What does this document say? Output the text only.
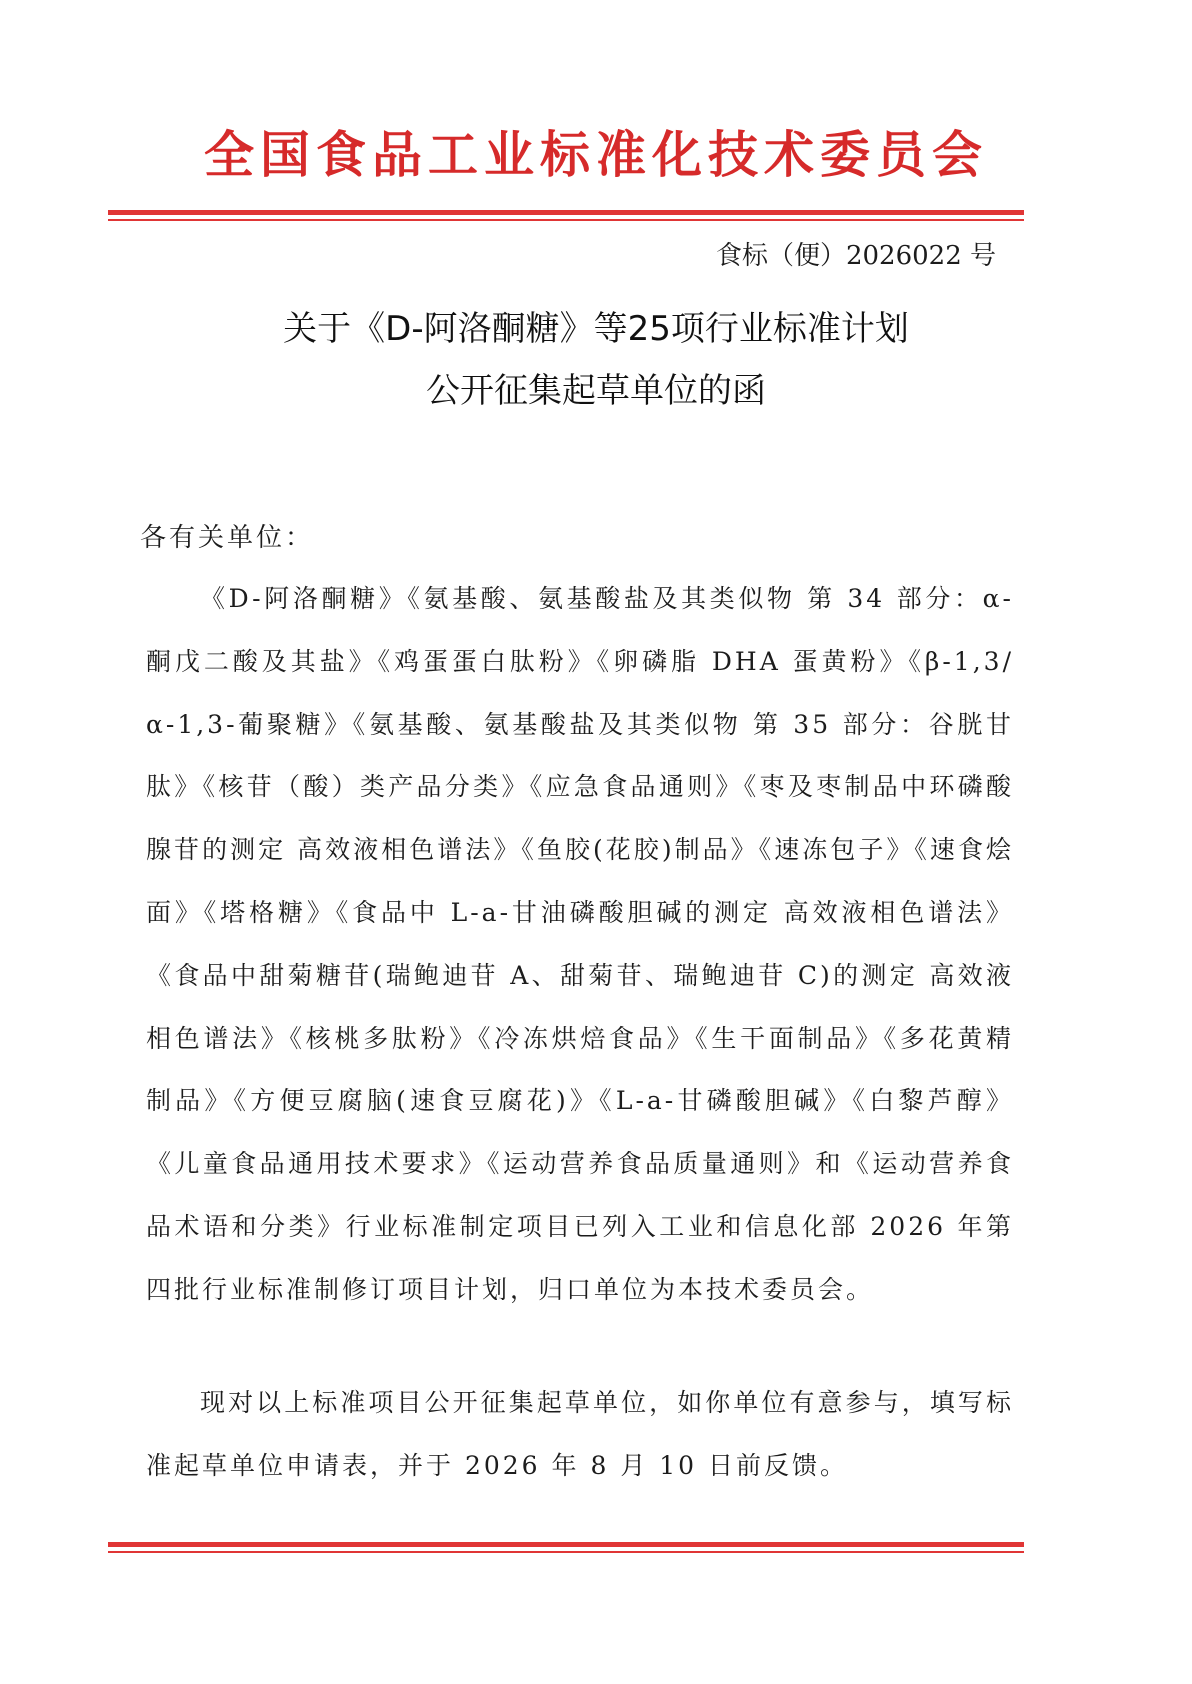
全国食品工业标准化技术委员会
食标（便）2026022 号
关于《D-阿洛酮糖》等25项行业标准计划
公开征集起草单位的函
各有关单位：

《D-阿洛酮糖》《氨基酸、氨基酸盐及其类似物 第 34 部分：α-酮戊二酸及其盐》《鸡蛋蛋白肽粉》《卵磷脂 DHA 蛋黄粉》《β-1,3/α-1,3-葡聚糖》《氨基酸、氨基酸盐及其类似物 第 35 部分：谷胱甘肽》《核苷（酸）类产品分类》《应急食品通则》《枣及枣制品中环磷酸腺苷的测定 高效液相色谱法》《鱼胶(花胶)制品》《速冻包子》《速食烩面》《塔格糖》《食品中 L-a-甘油磷酸胆碱的测定 高效液相色谱法》《食品中甜菊糖苷(瑞鲍迪苷 A、甜菊苷、瑞鲍迪苷 C)的测定 高效液相色谱法》《核桃多肽粉》《冷冻烘焙食品》《生干面制品》《多花黄精制品》《方便豆腐脑(速食豆腐花)》《L-a-甘磷酸胆碱》《白黎芦醇》《儿童食品通用技术要求》《运动营养食品质量通则》和《运动营养食品术语和分类》行业标准制定项目已列入工业和信息化部 2026 年第四批行业标准制修订项目计划，归口单位为本技术委员会。

现对以上标准项目公开征集起草单位，如你单位有意参与，填写标准起草单位申请表，并于 2026 年 8 月 10 日前反馈。
